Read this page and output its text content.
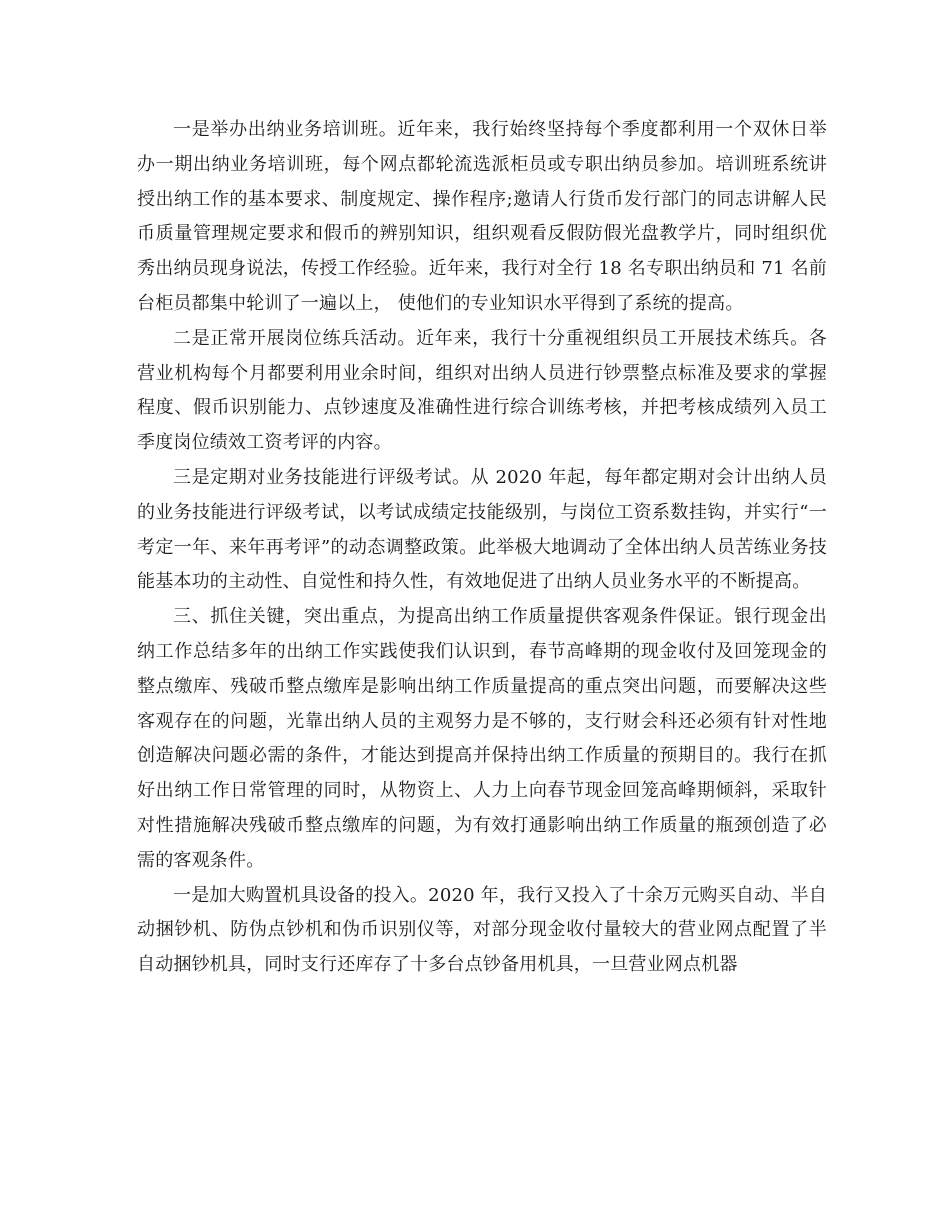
一是举办出纳业务培训班。近年来，我行始终坚持每个季度都利用一个双休日举办一期出纳业务培训班，每个网点都轮流选派柜员或专职出纳员参加。培训班系统讲授出纳工作的基本要求、制度规定、操作程序;邀请人行货币发行部门的同志讲解人民币质量管理规定要求和假币的辨别知识，组织观看反假防假光盘教学片，同时组织优秀出纳员现身说法，传授工作经验。近年来，我行对全行 18 名专职出纳员和 71 名前台柜员都集中轮训了一遍以上， 使他们的专业知识水平得到了系统的提高。

二是正常开展岗位练兵活动。近年来，我行十分重视组织员工开展技术练兵。各营业机构每个月都要利用业余时间，组织对出纳人员进行钞票整点标准及要求的掌握程度、假币识别能力、点钞速度及准确性进行综合训练考核，并把考核成绩列入员工季度岗位绩效工资考评的内容。

三是定期对业务技能进行评级考试。从 2020 年起，每年都定期对会计出纳人员的业务技能进行评级考试，以考试成绩定技能级别，与岗位工资系数挂钩，并实行“一考定一年、来年再考评”的动态调整政策。此举极大地调动了全体出纳人员苦练业务技能基本功的主动性、自觉性和持久性，有效地促进了出纳人员业务水平的不断提高。

三、抓住关键，突出重点，为提高出纳工作质量提供客观条件保证。银行现金出纳工作总结多年的出纳工作实践使我们认识到，春节高峰期的现金收付及回笼现金的整点缴库、残破币整点缴库是影响出纳工作质量提高的重点突出问题，而要解决这些客观存在的问题，光靠出纳人员的主观努力是不够的，支行财会科还必须有针对性地创造解决问题必需的条件，才能达到提高并保持出纳工作质量的预期目的。我行在抓好出纳工作日常管理的同时，从物资上、人力上向春节现金回笼高峰期倾斜，采取针对性措施解决残破币整点缴库的问题，为有效打通影响出纳工作质量的瓶颈创造了必需的客观条件。

一是加大购置机具设备的投入。2020 年，我行又投入了十余万元购买自动、半自动捆钞机、防伪点钞机和伪币识别仪等，对部分现金收付量较大的营业网点配置了半自动捆钞机具，同时支行还库存了十多台点钞备用机具，一旦营业网点机器
